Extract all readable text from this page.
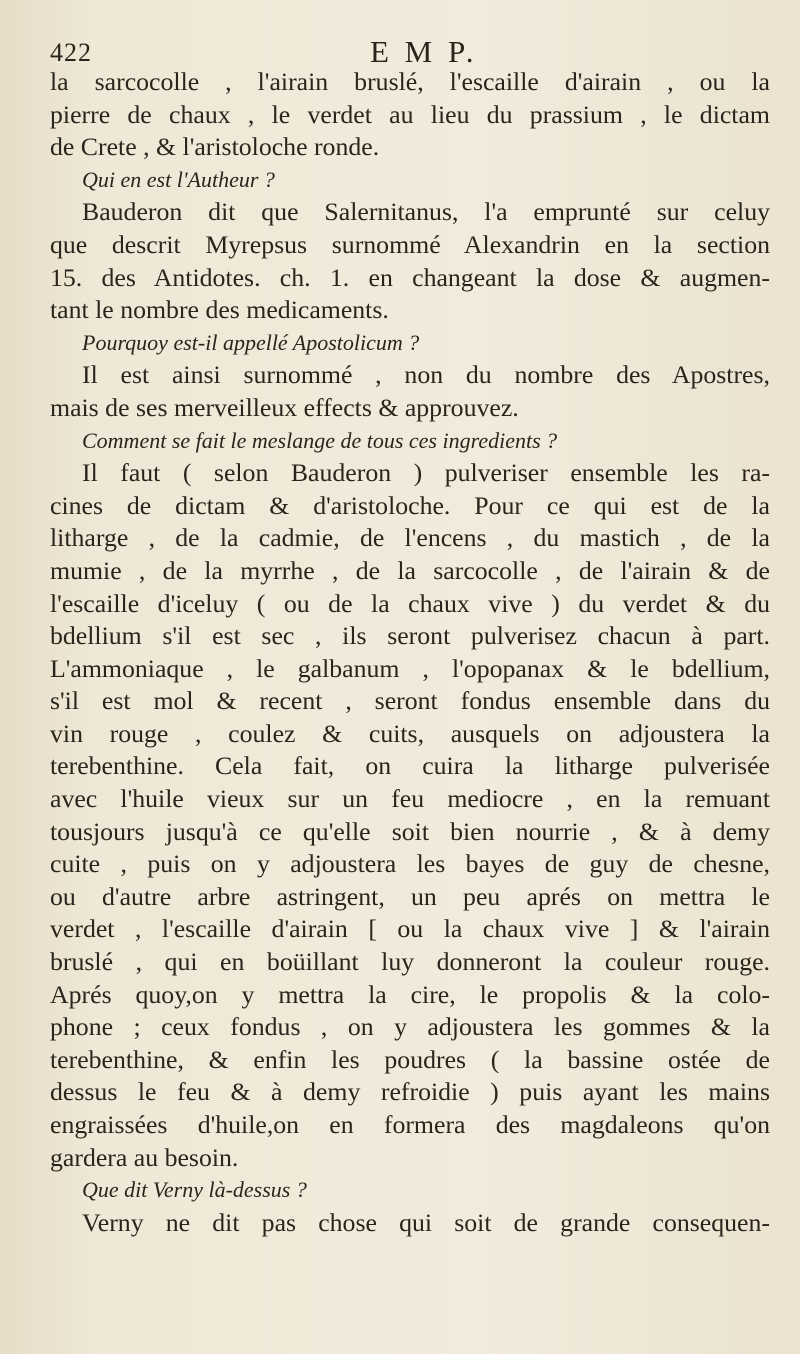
422	E M P.
la sarcocolle , l'airain bruslé, l'escaille d'airain , ou la
pierre de chaux , le verdet au lieu du prassium , le dictam
de Crete , & l'aristoloche ronde.
Qui en est l'Autheur ?
Bauderon dit que Salernitanus, l'a emprunté sur celuy
que descrit Myrepsus surnommé Alexandrin en la section
15. des Antidotes. ch. 1. en changeant la dose & augmen-
tant le nombre des medicaments.
Pourquoy est-il appellé Apostolicum ?
Il est ainsi surnommé , non du nombre des Apostres,
mais de ses merveilleux effects & approuvez.
Comment se fait le meslange de tous ces ingredients ?
Il faut ( selon Bauderon ) pulveriser ensemble les ra-
cines de dictam & d'aristoloche. Pour ce qui est de la
litharge , de la cadmie, de l'encens , du mastich , de la
mumie , de la myrrhe , de la sarcocolle , de l'airain & de
l'escaille d'iceluy ( ou de la chaux vive ) du verdet & du
bdellium s'il est sec , ils seront pulverisez chacun à part.
L'ammoniaque , le galbanum , l'opopanax & le bdellium,
s'il est mol & recent , seront fondus ensemble dans du
vin rouge , coulez & cuits, ausquels on adjoustera la
terebenthine. Cela fait, on cuira la litharge pulverisée
avec l'huile vieux sur un feu mediocre , en la remuant
tousjours jusqu'à ce qu'elle soit bien nourrie , & à demy
cuite , puis on y adjoustera les bayes de guy de chesne,
ou d'autre arbre astringent, un peu aprés on mettra le
verdet , l'escaille d'airain [ ou la chaux vive ] & l'airain
bruslé , qui en boüillant luy donneront la couleur rouge.
Aprés quoy,on y mettra la cire, le propolis & la colo-
phone ; ceux fondus , on y adjoustera les gommes & la
terebenthine, & enfin les poudres ( la bassine ostée de
dessus le feu & à demy refroidie ) puis ayant les mains
engraissées d'huile,on en formera des magdaleons qu'on
gardera au besoin.
Que dit Verny là-dessus ?
Verny ne dit pas chose qui soit de grande consequen-
